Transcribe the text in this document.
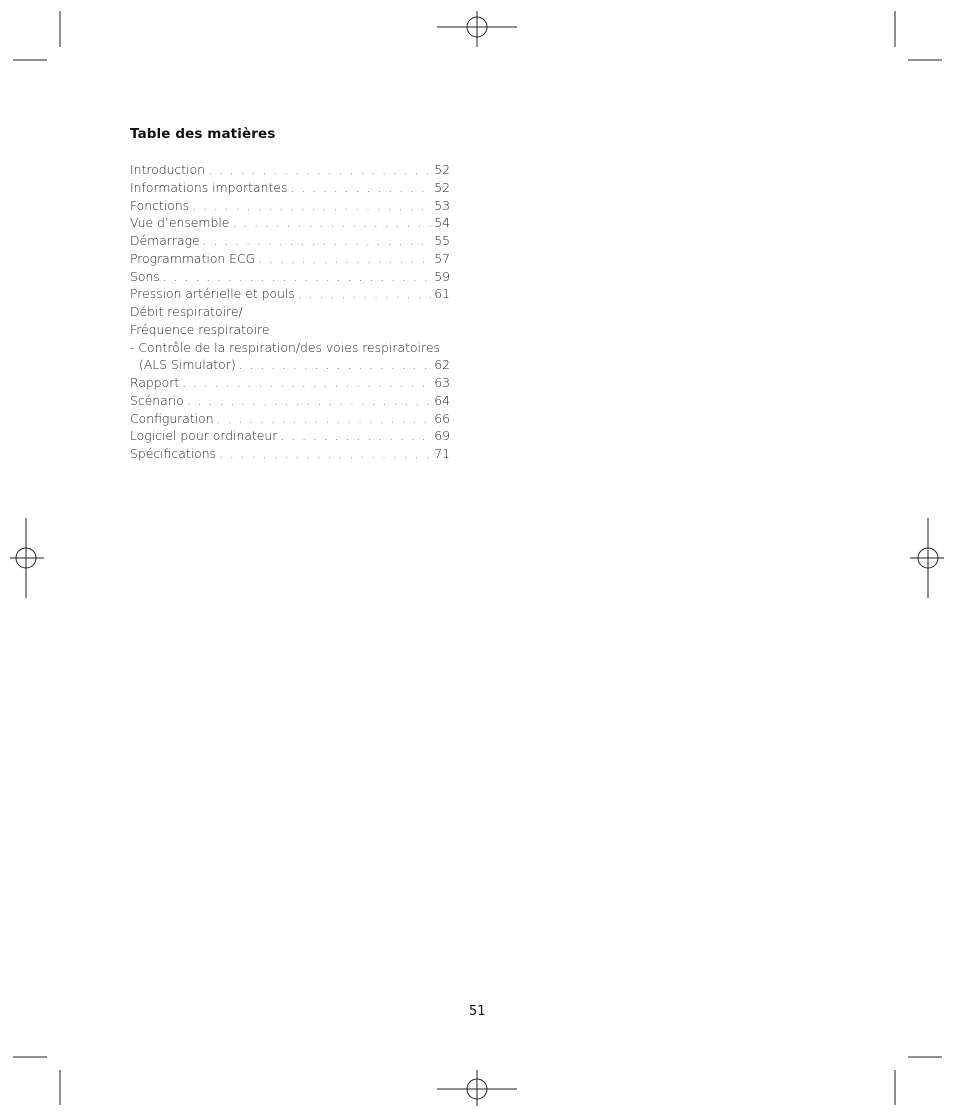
Table des matières
Introduction . . .	52
Informations importantes . . .	52
Fonctions . . .	53
Vue d’ensemble . . .	54
Démarrage . . .	55
Programmation ECG . . .	57
Sons . . .	59
Pression artérielle et pouls . . .	61
Débit respiratoire/
Fréquence respiratoire
- Contrôle de la respiration/des voies respiratoires
(ALS Simulator) . . .	62
Rapport . . .	63
Scénario . . .	64
Configuration . . .	66
Logiciel pour ordinateur . . .	69
Spécifications . . .	71
51
